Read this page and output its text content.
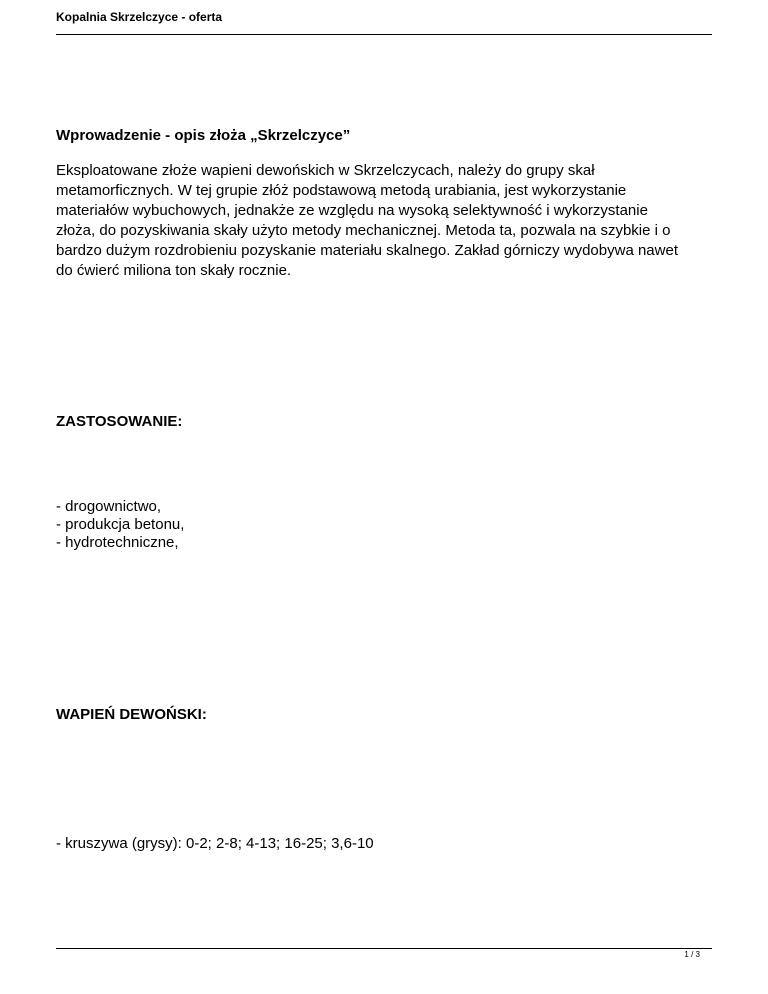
Kopalnia Skrzelczyce - oferta
Wprowadzenie - opis złoża „Skrzelczyce”
Eksploatowane złoże wapieni dewońskich w Skrzelczycach, należy do grupy skał
metamorficznych. W tej grupie złóż podstawową metodą urabiania, jest wykorzystanie
materiałów wybuchowych, jednakże ze względu na wysoką selektywność i wykorzystanie
złoża, do pozyskiwania skały użyto metody mechanicznej. Metoda ta, pozwala na szybkie i o
bardzo dużym rozdrobieniu pozyskanie materiału skalnego. Zakład górniczy wydobywa nawet
do ćwierć miliona ton skały rocznie.
ZASTOSOWANIE:
- drogownictwo,
- produkcja betonu,
- hydrotechniczne,
WAPIEŃ DEWOŃSKI:
- kruszywa (grysy): 0-2; 2-8; 4-13; 16-25; 3,6-10
1 / 3
